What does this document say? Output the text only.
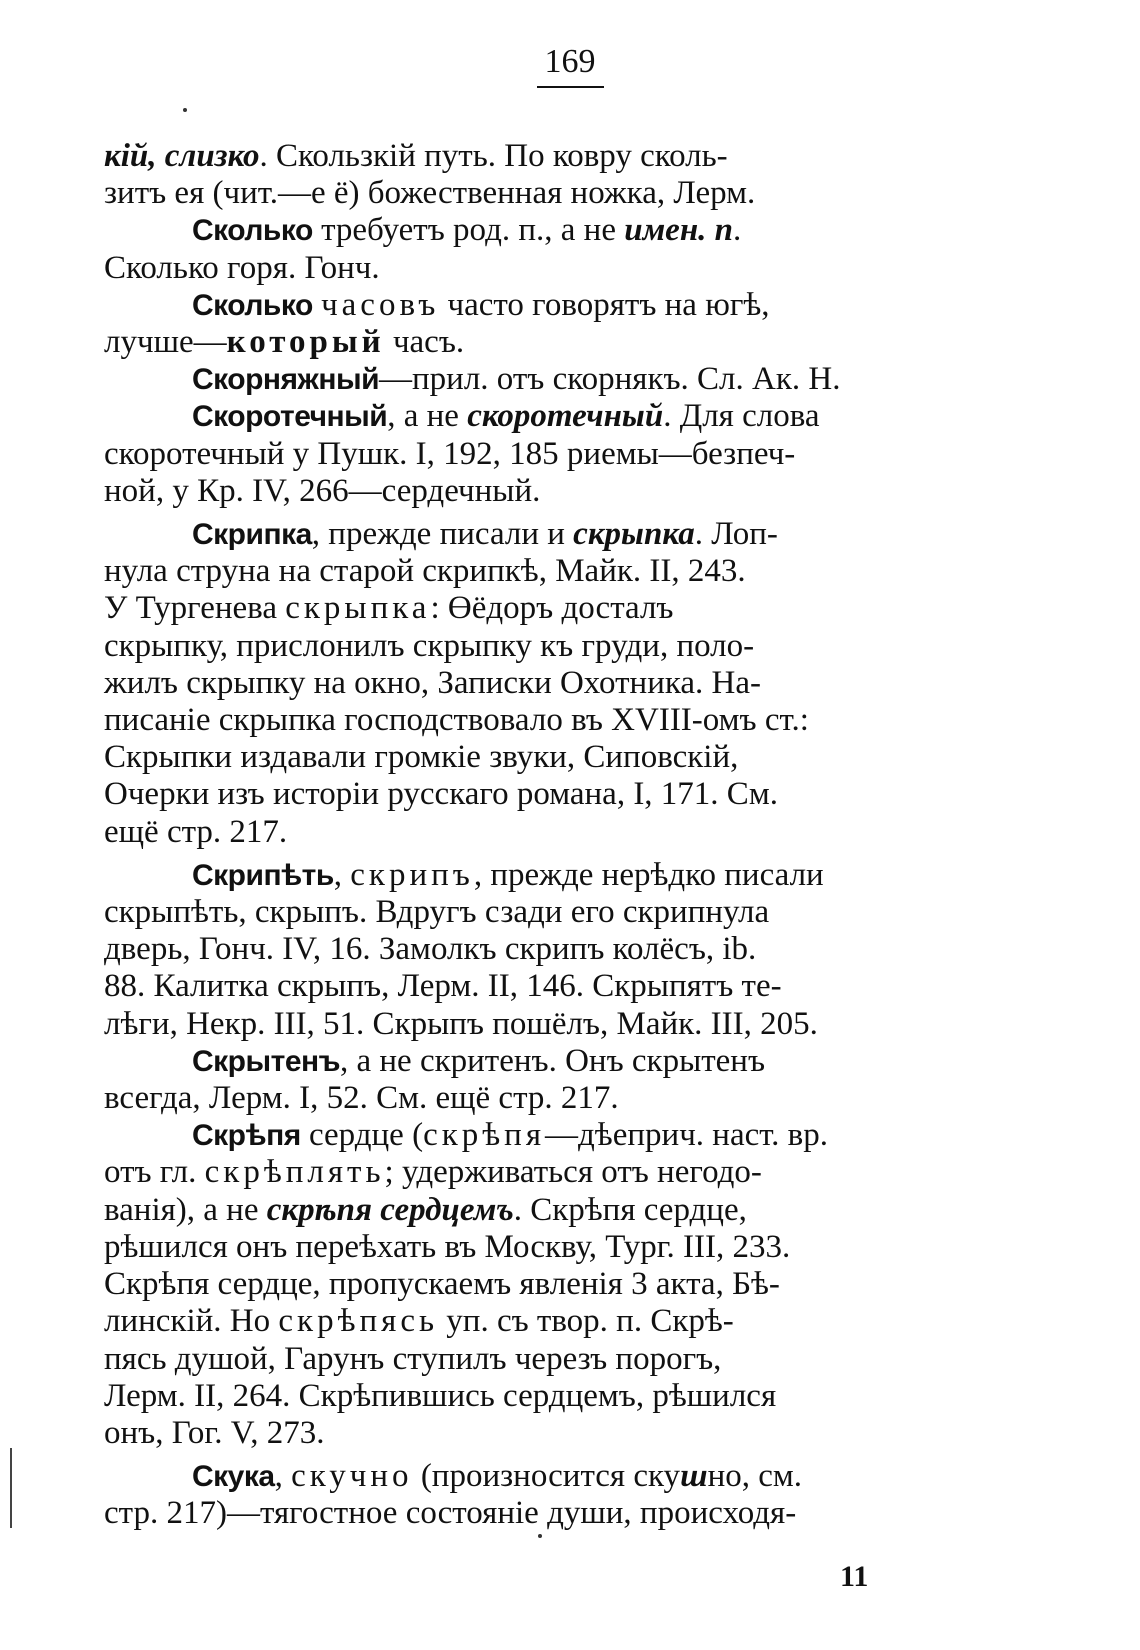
169

кій, слизко. Скользкій путь. По ковру сколь-
зитъ ея (чит.—е ё) божественная ножка, Лерм.

Сколько требуетъ род. п., а не имен. п.
Сколько горя. Гонч.

Сколько часовъ часто говорятъ на югѣ,
лучше—который часъ.

Скорняжный—прил. отъ скорнякъ. Сл. Ак. Н.

Скоротечный, а не скоротечный. Для слова
скоротечный у Пушк. I, 192, 185 риемы—безпеч-
ной, у Кр. IV, 266—сердечный.

Скрипка, прежде писали и скрыпка. Лоп-
нула струна на старой скрипкѣ, Майк. II, 243.
У Тургенева скрыпка: Өёдоръ досталъ
скрыпку, прислонилъ скрыпку къ груди, поло-
жилъ скрыпку на окно, Записки Охотника. На-
писаніе скрыпка господствовало въ XVIII-омъ ст.:
Скрыпки издавали громкіе звуки, Сиповскій,
Очерки изъ исторіи русскаго романа, I, 171. См.
ещё стр. 217.

Скрипѣть, скрипъ, прежде нерѣдко писали
скрыпѣть, скрыпъ. Вдругъ сзади его скрипнула
дверь, Гонч. IV, 16. Замолкъ скрипъ колёсъ, ib.
88. Калитка скрыпъ, Лерм. II, 146. Скрыпятъ те-
лѣги, Некр. III, 51. Скрыпъ пошёлъ, Майк. III, 205.

Скрытенъ, а не скритенъ. Онъ скрытенъ
всегда, Лерм. I, 52. См. ещё стр. 217.

Скрѣпя сердце (скрѣпя—дѣеприч. наст. вр.
отъ гл. скрѣплять; удерживаться отъ негодо-
ванія), а не скрѣпя сердцемъ. Скрѣпя сердце,
рѣшился онъ переѣхать въ Москву, Тург. III, 233.
Скрѣпя сердце, пропускаемъ явленія 3 акта, Бѣ-
линскій. Но скрѣпясь уп. съ твор. п. Скрѣ-
пясь душой, Гарунъ ступилъ черезъ порогъ,
Лерм. II, 264. Скрѣпившись сердцемъ, рѣшился
онъ, Гог. V, 273.

Скука, скучно (произносится скушно, см.
стр. 217)—тягостное состояніе души, происходя-

11
